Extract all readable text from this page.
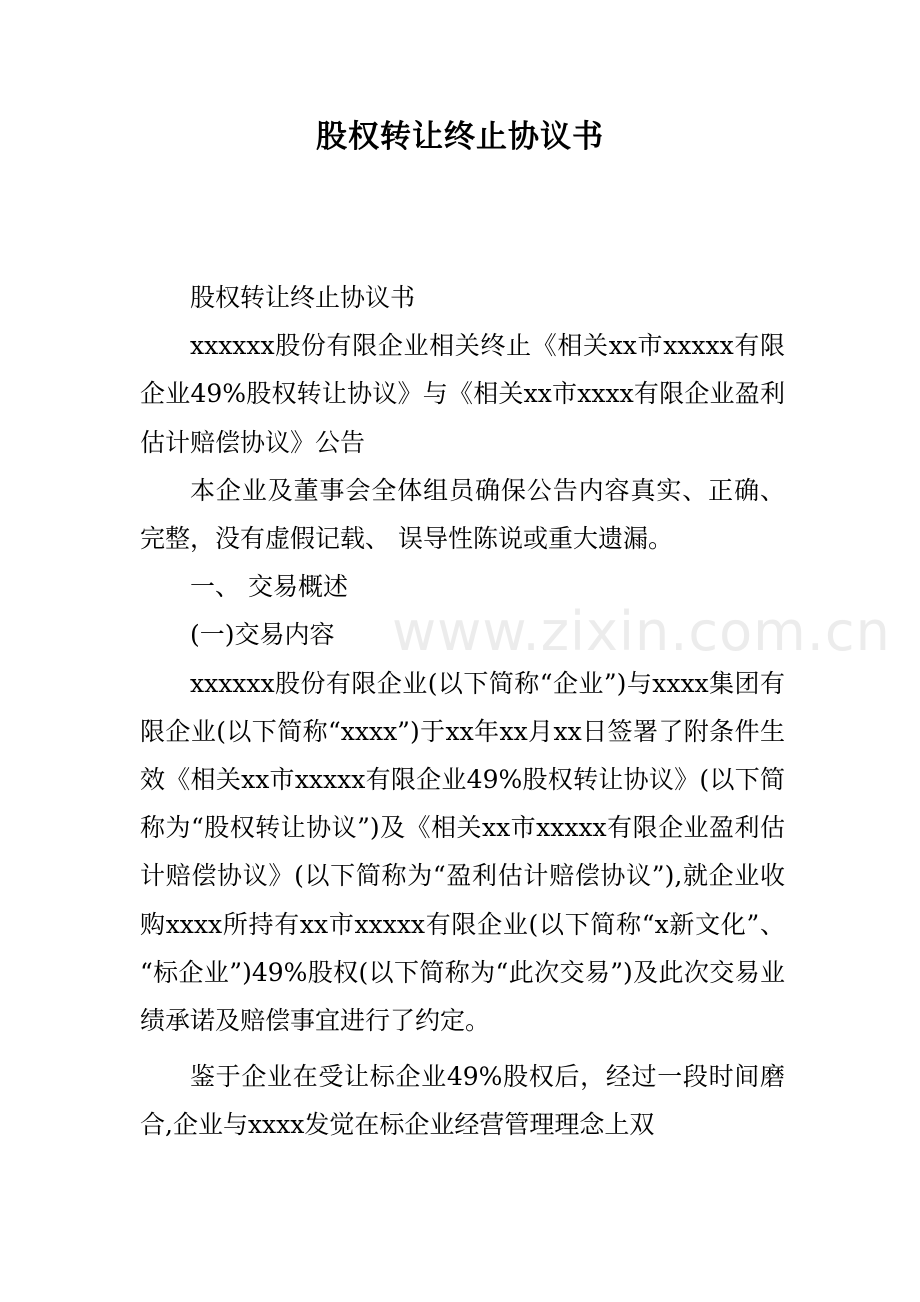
股权转让终止协议书

股权转让终止协议书

xxxxxx股份有限企业相关终止《相关xx市xxxxx有限企业49%股权转让协议》与《相关xx市xxxx有限企业盈利估计赔偿协议》公告

本企业及董事会全体组员确保公告内容真实、正确、 完整，没有虚假记载、 误导性陈说或重大遗漏。

一、 交易概述

(一)交易内容

xxxxxx股份有限企业(以下简称“企业”)与xxxx集团有限企业(以下简称“xxxx”)于xx年xx月xx日签署了附条件生效《相关xx市xxxxx有限企业49%股权转让协议》(以下简称为“股权转让协议”)及《相关xx市xxxxx有限企业盈利估计赔偿协议》(以下简称为“盈利估计赔偿协议”),就企业收购xxxx所持有xx市xxxxx有限企业(以下简称“x新文化”、 “标企业”)49%股权(以下简称为“此次交易”)及此次交易业绩承诺及赔偿事宜进行了约定。

鉴于企业在受让标企业49%股权后，经过一段时间磨合,企业与xxxx发觉在标企业经营管理理念上双

www.zixin.com.cn
